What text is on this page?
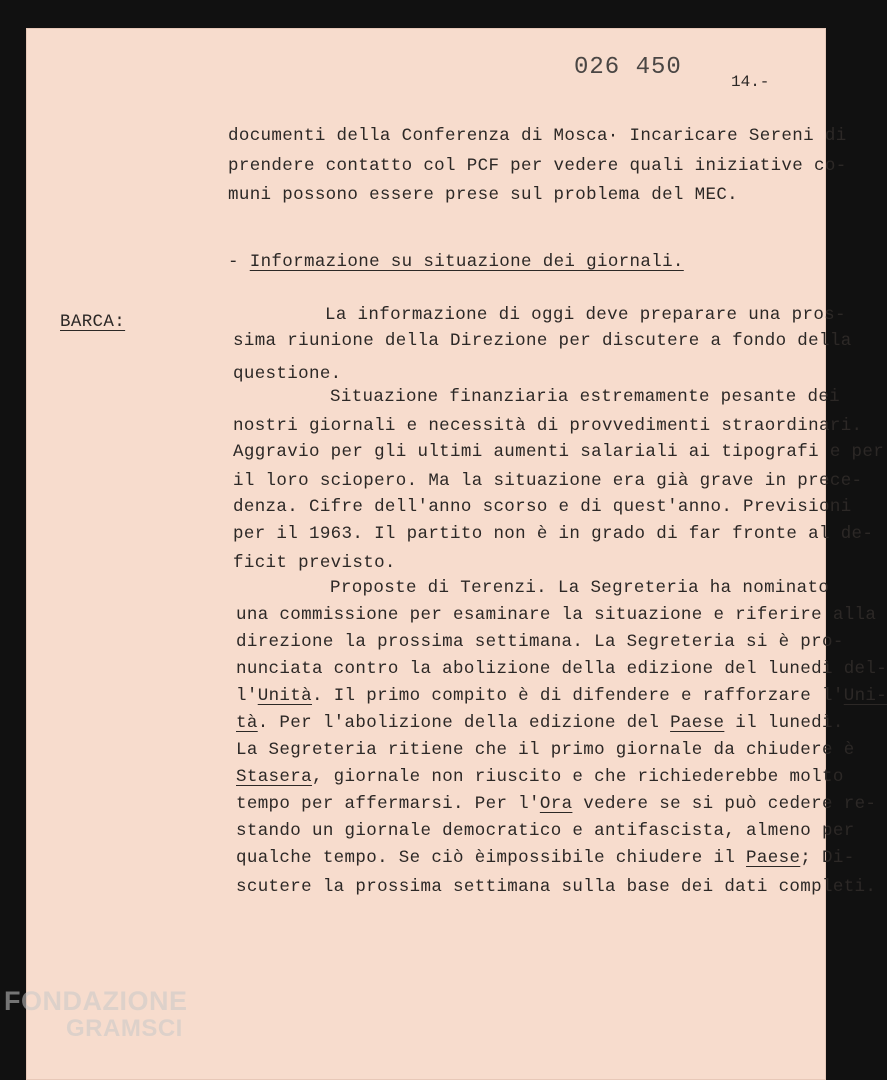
026 450
14.-
documenti della Conferenza di Mosca· Incaricare Sereni di
prendere contatto col PCF per vedere quali iniziative co-
muni possono essere prese sul problema del MEC.
- Informazione su situazione dei giornali.
BARCA:	La informazione di oggi deve preparare una pros-
sima riunione della Direzione per discutere a fondo della
questione.
Situazione finanziaria estremamente pesante dei
nostri giornali e necessità di provvedimenti straordinari.
Aggravio per gli ultimi aumenti salariali ai tipografi e per
il loro sciopero. Ma la situazione era già grave in prece-
denza. Cifre dell'anno scorso e di quest'anno. Previsioni
per il 1963. Il partito non è in grado di far fronte al de-
ficit previsto.
Proposte di Terenzi. La Segreteria ha nominato
una commissione per esaminare la situazione e riferire alla
direzione la prossima settimana. La Segreteria si è pro-
nunciata contro la abolizione della edizione del lunedì del-
l'Unità. Il primo compito è di difendere e rafforzare l'Uni-
tà. Per l'abolizione della edizione del Paese il lunedì.
La Segreteria ritiene che il primo giornale da chiudere è
Stasera, giornale non riuscito e che richiederebbe molto
tempo per affermarsi. Per l'Ora vedere se si può cedere re-
stando un giornale democratico e antifascista, almeno per
qualche tempo. Se ciò èimpossibile chiudere il Paese; Di-
scutere la prossima settimana sulla base dei dati completi.
FONDAZIONE
GRAMSCI
